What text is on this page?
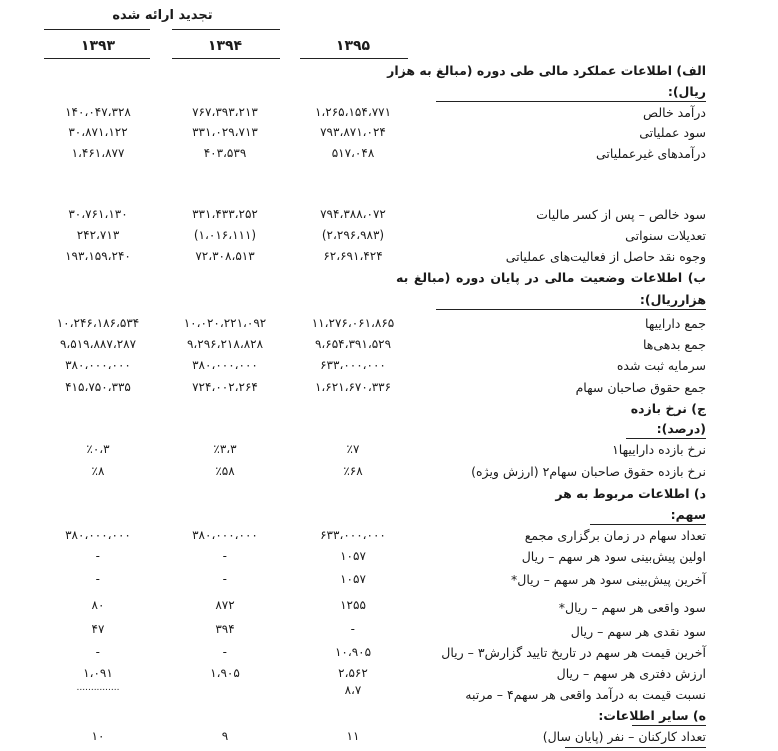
تجدید ارائه شده
۱۳۹۳	۱۳۹۴	۱۳۹۵
الف) اطلاعات عملکرد مالی طی دوره (مبالغ به هزار
ریال):
درآمد خالص
۱،۲۶۵،۱۵۴،۷۷۱
۷۶۷،۳۹۳،۲۱۳
۱۴۰،۰۴۷،۳۲۸
سود عملیاتی
۷۹۳،۸۷۱،۰۲۴
۳۳۱،۰۲۹،۷۱۳
۳۰،۸۷۱،۱۲۲
درآمدهای غیرعملیاتی
۵۱۷،۰۴۸
۴۰۳،۵۳۹
۱،۴۶۱،۸۷۷
سود خالص – پس از کسر مالیات
۷۹۴،۳۸۸،۰۷۲
۳۳۱،۴۳۳،۲۵۲
۳۰،۷۶۱،۱۳۰
تعدیلات سنواتی
(۲،۲۹۶،۹۸۳)
(۱،۰۱۶،۱۱۱)
۲۴۲،۷۱۳
وجوه نقد حاصل از فعالیت‌های عملیاتی
۶۲،۶۹۱،۴۲۴
۷۲،۳۰۸،۵۱۳
۱۹۳،۱۵۹،۲۴۰
ب) اطلاعات وضعیت مالی در پایان دوره (مبالغ به
هزارریال):
جمع داراییها
۱۱،۲۷۶،۰۶۱،۸۶۵
۱۰،۰۲۰،۲۲۱،۰۹۲
۱۰،۲۴۶،۱۸۶،۵۳۴
جمع بدهی‌ها
۹،۶۵۴،۳۹۱،۵۲۹
۹،۲۹۶،۲۱۸،۸۲۸
۹،۵۱۹،۸۸۷،۲۸۷
سرمایه ثبت شده
۶۳۳،۰۰۰،۰۰۰
۳۸۰،۰۰۰،۰۰۰
۳۸۰،۰۰۰،۰۰۰
جمع حقوق صاحبان سهام
۱،۶۲۱،۶۷۰،۳۳۶
۷۲۴،۰۰۲،۲۶۴
۴۱۵،۷۵۰،۳۳۵
ج) نرخ بازده
(درصد):
نرخ بازده داراییها۱
٪۷
٪۳،۳
٪۰،۳
نرخ بازده حقوق صاحبان سهام۲ (ارزش ویژه)
٪۶۸
٪۵۸
٪۸
د) اطلاعات مربوط به هر
سهم:
تعداد سهام در زمان برگزاری مجمع
۶۳۳،۰۰۰،۰۰۰
۳۸۰،۰۰۰،۰۰۰
۳۸۰،۰۰۰،۰۰۰
اولین پیش‌بینی سود هر سهم – ریال
۱۰۵۷
-
-
آخرین پیش‌بینی سود هر سهم – ریال*
۱۰۵۷
-
-
سود واقعی هر سهم – ریال*
۱۲۵۵
۸۷۲
۸۰
سود نقدی هر سهم – ریال
-
۳۹۴
۴۷
آخرین قیمت هر سهم در تاریخ تایید گزارش۳ – ریال
۱۰،۹۰۵
-
-
ارزش دفتری هر سهم – ریال
۲،۵۶۲
۱،۹۰۵
۱،۰۹۱
نسبت قیمت به درآمد واقعی هر سهم۴ – مرتبه
۸،۷
...............
ه) سایر اطلاعات:
تعداد کارکنان – نفر (پایان سال)
۱۱
۹
۱۰
